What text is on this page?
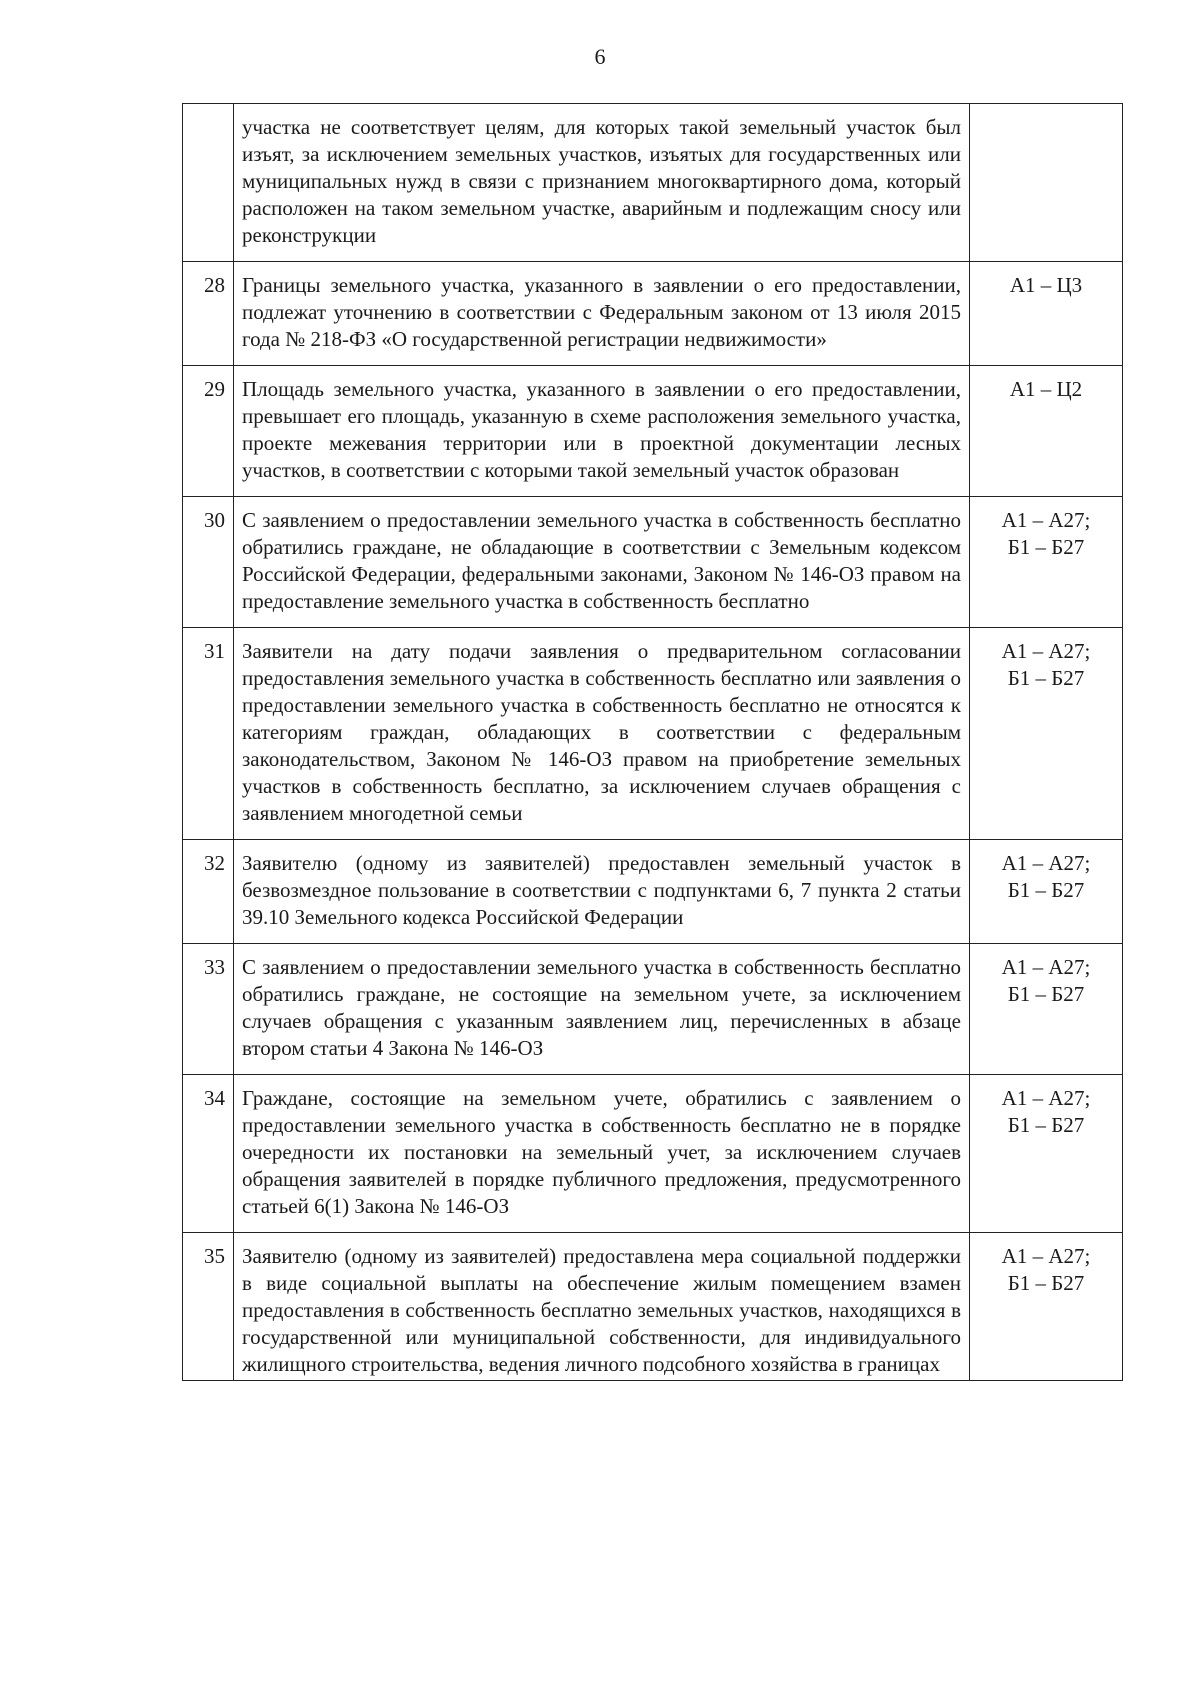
6
	участка не соответствует целям, для которых такой земельный участок был изъят, за исключением земельных участков, изъятых для государственных или муниципальных нужд в связи с признанием многоквартирного дома, который расположен на таком земельном участке, аварийным и подлежащим сносу или реконструкции	
28	Границы земельного участка, указанного в заявлении о его предоставлении, подлежат уточнению в соответствии с Федеральным законом от 13 июля 2015 года № 218-ФЗ «О государственной регистрации недвижимости»	А1 – Ц3

29	Площадь земельного участка, указанного в заявлении о его предоставлении, превышает его площадь, указанную в схеме расположения земельного участка, проекте межевания территории или в проектной документации лесных участков, в соответствии с которыми такой земельный участок образован	А1 – Ц2

30	С заявлением о предоставлении земельного участка в собственность бесплатно обратились граждане, не обладающие в соответствии с Земельным кодексом Российской Федерации, федеральными законами, Законом № 146-ОЗ правом на предоставление земельного участка в собственность бесплатно	А1 – А27;
Б1 – Б27

31	Заявители на дату подачи заявления о предварительном согласовании предоставления земельного участка в собственность бесплатно или заявления о предоставлении земельного участка в собственность бесплатно не относятся к категориям граждан, обладающих в соответствии с федеральным законодательством, Законом № 146-ОЗ правом на приобретение земельных участков в собственность бесплатно, за исключением случаев обращения с заявлением многодетной семьи	А1 – А27;
Б1 – Б27

32	Заявителю (одному из заявителей) предоставлен земельный участок в безвозмездное пользование в соответствии с подпунктами 6, 7 пункта 2 статьи 39.10 Земельного кодекса Российской Федерации	А1 – А27;
Б1 – Б27

33	С заявлением о предоставлении земельного участка в собственность бесплатно обратились граждане, не состоящие на земельном учете, за исключением случаев обращения с указанным заявлением лиц, перечисленных в абзаце втором статьи 4 Закона № 146-ОЗ	А1 – А27;
Б1 – Б27

34	Граждане, состоящие на земельном учете, обратились с заявлением о предоставлении земельного участка в собственность бесплатно не в порядке очередности их постановки на земельный учет, за исключением случаев обращения заявителей в порядке публичного предложения, предусмотренного статьей 6(1) Закона № 146-ОЗ	А1 – А27;
Б1 – Б27

35	Заявителю (одному из заявителей) предоставлена мера социальной поддержки в виде социальной выплаты на обеспечение жилым помещением взамен предоставления в собственность бесплатно земельных участков, находящихся в государственной или муниципальной собственности, для индивидуального жилищного строительства, ведения личного подсобного хозяйства в границах	А1 – А27;
Б1 – Б27
